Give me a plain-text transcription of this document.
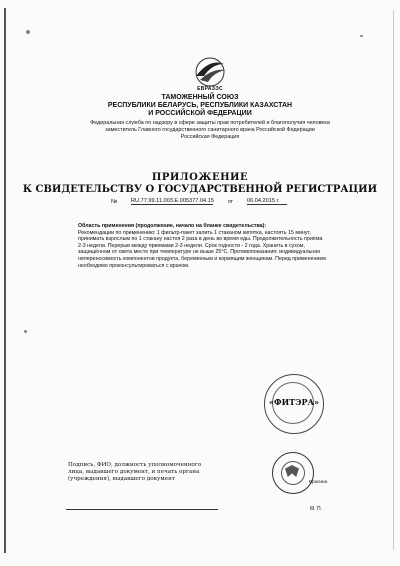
ЕВРАЗЭС
ТАМОЖЕННЫЙ СОЮЗ
РЕСПУБЛИКИ БЕЛАРУСЬ, РЕСПУБЛИКИ КАЗАХСТАН
И РОССИЙСКОЙ ФЕДЕРАЦИИ
Федеральная служба по надзору в сфере защиты прав потребителей и благополучия человека
заместитель Главного государственного санитарного врача Российской Федерации
Российская Федерация
ПРИЛОЖЕНИЕ
К СВИДЕТЕЛЬСТВУ О ГОСУДАРСТВЕННОЙ РЕГИСТРАЦИИ
№ RU.77.99.11.003.Е.005377.04.15	от	06.04.2015 г.
Область применения (продолжение, начало на бланке свидетельства):
Рекомендации по применению: 1 фильтр-пакет залить 1 стаканом кипятка, настоять 15 минут, принимать взрослым по 1 стакану настоя 2 раза в день во время еды. Продолжительность приёма 2-3 недели. Перерыв между приемами 2-3 недели. Срок годности - 2 года. Хранить в сухом, защищённом от света месте при температуре не выше 25°С. Противопоказания: индивидуальная непереносимость компонентов продукта, беременным и кормящим женщинам. Перед применением необходимо проконсультироваться с врачом.
«ФИТЭРА»
Подпись, ФИО, должность уполномоченного лица, выдавшего документ, и печать органа (учреждения), выдавшего документ
Брагина
М. П.
